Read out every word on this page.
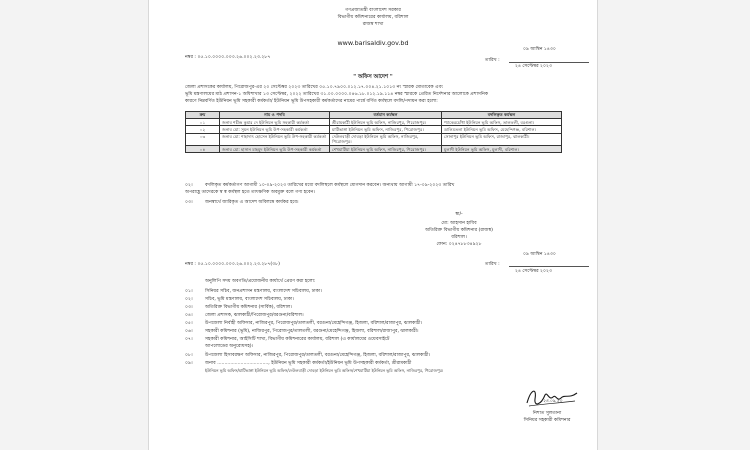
গণপ্রজাতন্ত্রী বাংলাদেশ সরকার
বিভাগীয় কমিশনারের কার্যালয়, বরিশাল
রাজস্ব শাখা
www.barisaldiv.gov.bd
নম্বর : ০৫.১০.০০০০.০০৩.২৬.০০২.২৩.২৮৭
০৯ আশ্বিন ১৪৩০
তারিখ :
২৪ সেপ্টেম্বর ২০২৩
" অফিস আদেশ "
জেলা প্রশাসকের কার্যালয়, পিরোজপুর-এর ২০ সেপ্টেম্বর ২০২৩ তারিখের ০৫.১০.৭৯০০.০১২.১৭.০০৪.২১.১০১৩ নং স্মারক মোতাবেক এবং
ভূমি মন্ত্রণালয়ের মাঠ প্রশাসন-১ অধিশাখার ১৩ সেপ্টেম্বর, ২০২২ তারিখের ৩১.০০.০০০০.০৪৬.১৮.০১২.১৯.১১৪ নম্বর স্মারকে প্রেরিত নির্দেশনার আলোকে প্রশাসনিক
কারণে নিম্নবর্ণিত ইউনিয়ন ভূমি সহকারী কর্মকর্তা/ ইউনিয়ন ভূমি উপসহকারী কর্মকর্তাদের নামের পার্শ্বে বর্ণিত কর্মস্থলে বদলি/পদায়ন করা হলো:
ক্রম	নাম ও পদবি	বর্তমান কর্মস্থল	বদলিকৃত কর্মস্থল
০১	জনাব শচীন্দ্র কুমার দে ইউনিয়ন ভূমি সহকারী কর্মকর্তা	শ্রীরামকাঠী ইউনিয়ন ভূমি অফিস, নাজিরপুর, পিরোজপুর।	প্যাকেরচোঁধা ইউনিয়ন ভূমি অফিস, তালতলী, বরগুনা।
০২	জনাব মো: সুমন ইউনিয়ন ভূমি উপ-সহকারী কর্মকর্তা	মাটিভাঙ্গা ইউনিয়ন ভূমি অফিস, নাজিরপুর, পিরোজপুর।	ডালিমতলা ইউনিয়ন ভূমি অফিস, মেহেন্দিগঞ্জ, বরিশাল।
০৩	জনাব মো: শাহাদাৎ হোসেন ইউনিয়ন ভূমি উপ-সহকারী কর্মকর্তা	দেউলবাড়ী দোবড়া ইউনিয়ন ভূমি অফিস, নাজিরপুর, পিরোজপুর।	সোনাপুর ইউনিয়ন ভূমি অফিস, রাজাপুর, ঝালকাঠী।
০৪	জনাব মো: হাসান মাহমুদ ইউনিয়ন ভূমি উপ-সহকারী কর্মকর্তা	শেখমাটিয়া ইউনিয়ন ভূমি অফিস, নাজিরপুর, পিরোজপুর।	মুলাদী ইউনিয়ন ভূমি অফিস, মুলাদী, বরিশাল।
০২।	বদলিকৃত কর্মকর্তাগণ আগামী ১০-০৯-২০২৩ তারিখের মধ্যে বদলিস্থলে কর্মস্থলে যোগদান করবেন। অন্যথায় আগামী ১৭-০৯-২০২৩ তারিখ
অপরাহ্ণে তাদেরকে স্ব স্ব কর্মস্থল হতে তাৎক্ষণিক অবমুক্ত বলে গণ্য হবেন।
০৩।	জনস্বার্থে জারিকৃত এ আদেশ অবিলম্বে কার্যকর হবে।
স্বা/-
মো: আহসান হাবিব
অতিরিক্ত বিভাগীয় কমিশনার (রাজস্ব)
বরিশাল।
ফোন: ০২৪৭৮৮৩৪৯২৮
০৯ আশ্বিন ১৪৩০
নম্বর : ০৫.১০.০০০০.০০৩.২৬.০০২.২৩.২৮৭(৩৮)	তারিখ :
২৪ সেপ্টেম্বর ২০২৩
অনুলিপি সদয় অবগতি/প্রয়োজনীয় কার্যার্থে প্রেরণ করা হলো:
০১।	সিনিয়র সচিব, জনপ্রশাসন মন্ত্রণালয়, বাংলাদেশ সচিবালয়, ঢাকা।
০২।	সচিব, ভূমি মন্ত্রণালয়, বাংলাদেশ সচিবালয়, ঢাকা।
০৩।	অতিরিক্ত বিভাগীয় কমিশনার (সার্বিক), বরিশাল।
০৪।	জেলা প্রশাসক, ঝালকাঠী/পিরোজপুর/বরগুনা/বরিশাল।
০৫।	উপজেলা নির্বাহী অফিসার, নাজিরপুর, পিরোজপুর/তালতলী, বরগুনা/মেহেন্দিগঞ্জ, হিজলা, বরিশাল/রাজাপুর, ঝালকাঠী।
০৬।	সহকারী কমিশনার (ভূমি), নাজিরপুর, পিরোজপুর/তালতলী, বরগুনা/মেহেন্দিগঞ্জ, হিজলা, বরিশাল/রাজাপুর, ঝালকাঠী।
০৭।	সহকারী কমিশনার, আইসিটি শাখা, বিভাগীয় কমিশনারের কার্যালয়, বরিশাল (এ কার্যালয়ের ওয়েবসাইটে
আপলোডের অনুরোধসহ)।
০৮।	উপজেলা হিসাবরক্ষণ অফিসার, নাজিরপুর, পিরোজপুর/তালতলী, বরগুনা/মেহেন্দিগঞ্জ, হিজলা, বরিশাল/রাজাপুর, ঝালকাঠী।
০৯।	জনাব ..................................., ইউনিয়ন ভূমি সহকারী কর্মকর্তা/ইউনিয়ন ভূমি উপসহকারী কর্মকর্তা, শ্রীরামকাঠী
ইউনিয়ন ভূমি অফিস/মাটিভাঙ্গা ইউনিয়ন ভূমি অফিস/দেউলবাড়ী দোবড়া ইউনিয়ন ভূমি অফিস/শেখমাটিয়া ইউনিয়ন ভূমি অফিস, নাজিরপুর, পিরোজপুর।
২৪.০৯.২৩
নিশাত সুলতানা
সিনিয়র সহকারী কমিশনার
